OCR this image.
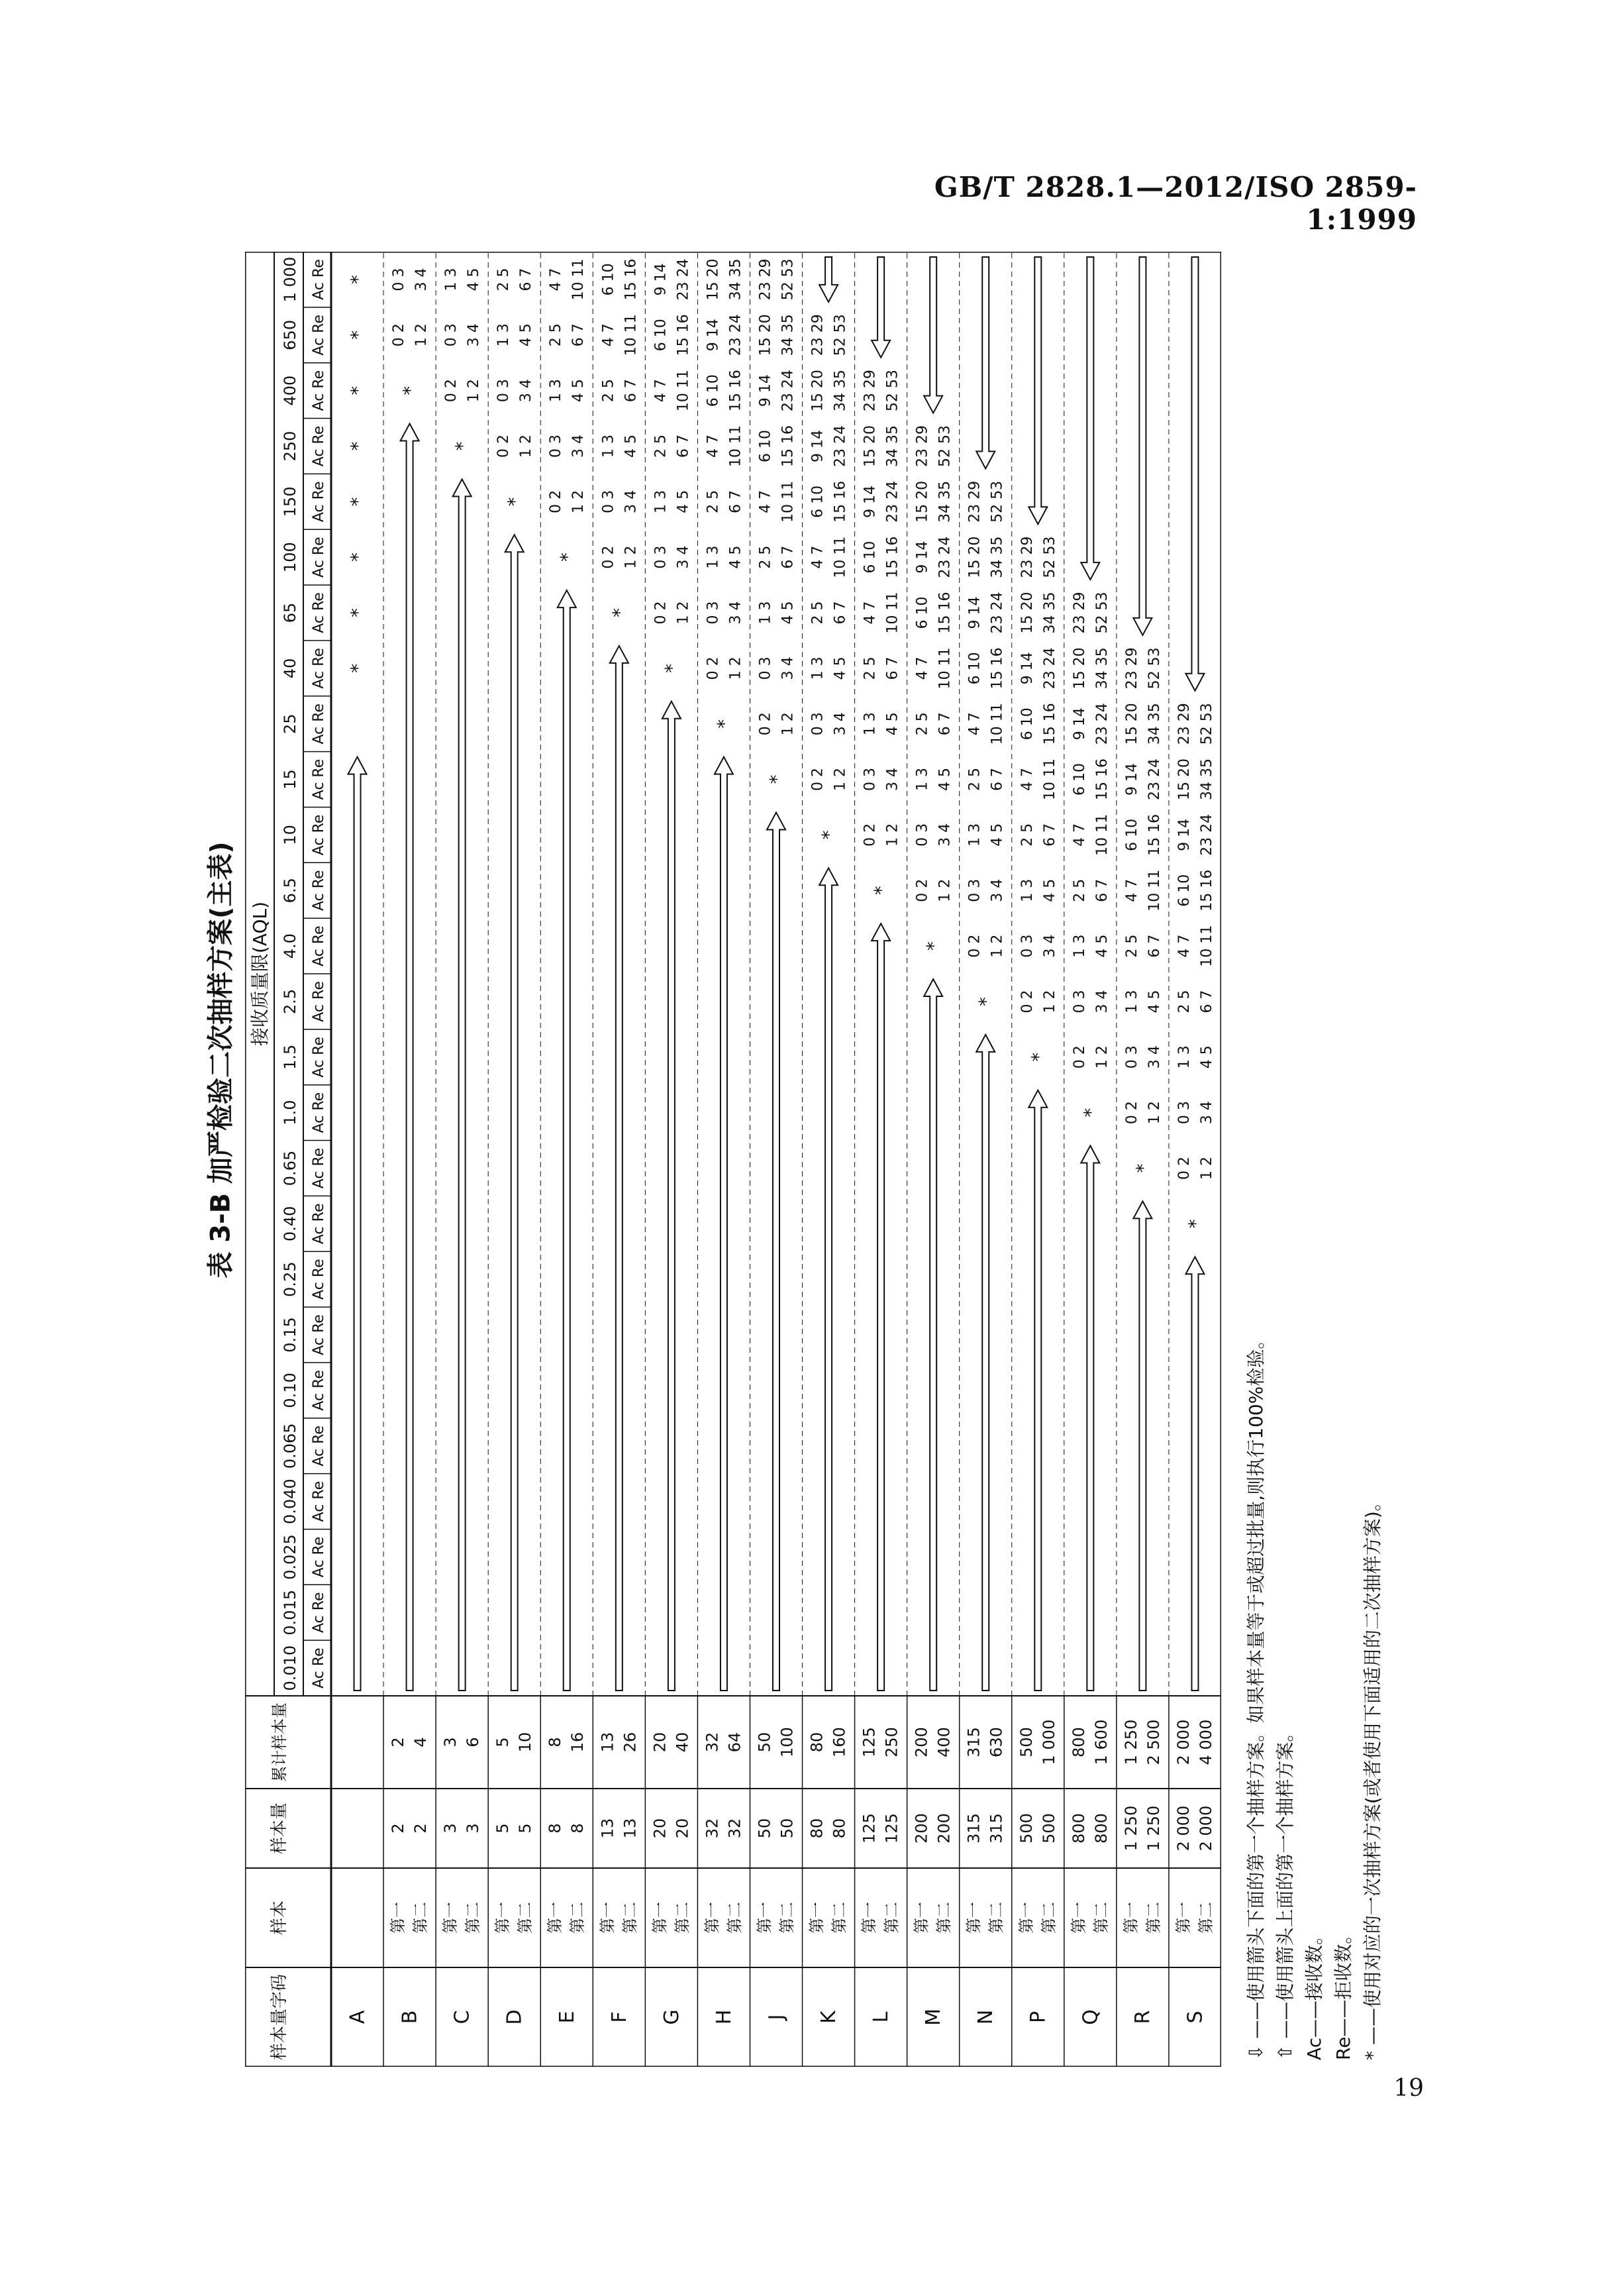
GB/T 2828.1—2012/ISO 2859-1:1999
表 3-B 加严检验二次抽样方案(主表)
样本量字码
样本
样本量
累计样本量
接收质量限(AQL)
0.010 Ac Re
0.015 Ac Re
0.025 Ac Re
0.040 Ac Re
0.065 Ac Re
0.10 Ac Re
0.15 Ac Re
0.25 Ac Re
0.40 Ac Re
0.65 Ac Re
1.0 Ac Re
1.5 Ac Re
2.5 Ac Re
4.0 Ac Re
6.5 Ac Re
10 Ac Re
15 Ac Re
25 Ac Re
40 Ac Re
65 Ac Re
100 Ac Re
150 Ac Re
250 Ac Re
400 Ac Re
650 Ac Re
1 000 Ac Re
A B
第一 第二
2 2
2 4
C
第一 第二
3 3
3 6
D
第一 第二
5 5
5 10
E
第一 第二
8 8
8 16
F
第一 第二
13 13
13 26
G
第一 第二
20 20
20 40
H
第一 第二
32 32
32 64
J
第一 第二
50 50
50 100
K
第一 第二
80 80
80 160
L
第一 第二
125 125
125 250
M
第一 第二
200 200
200 400
N
第一 第二
315 315
315 630
P
第一 第二
500 500
500 1 000
Q
第一 第二
800 800
800 1 600
R
第一 第二
1 250 1 250
1 250 2 500
S
第一 第二
2 000 2 000
2 000 4 000
*
*
*
*
*
*
*
*
*
0 2 1 2
0 3 3 4
*
0 2 1 2
0 3 3 4
1 3 4 5
*
0 2 1 2
0 3 3 4
1 3 4 5
2 5 6 7
*
0 2 1 2
0 3 3 4
1 3 4 5
2 5 6 7
4 7 10 11
*
0 2 1 2
0 3 3 4
1 3 4 5
2 5 6 7
4 7 10 11
6 10 15 16
*
0 2 1 2
0 3 3 4
1 3 4 5
2 5 6 7
4 7 10 11
6 10 15 16
9 14 23 24
*
0 2 1 2
0 3 3 4
1 3 4 5
2 5 6 7
4 7 10 11
6 10 15 16
9 14 23 24
15 20 34 35
*
0 2 1 2
0 3 3 4
1 3 4 5
2 5 6 7
4 7 10 11
6 10 15 16
9 14 23 24
15 20 34 35
23 29 52 53
*
0 2 1 2
0 3 3 4
1 3 4 5
2 5 6 7
4 7 10 11
6 10 15 16
9 14 23 24
15 20 34 35
23 29 52 53
*
0 2 1 2
0 3 3 4
1 3 4 5
2 5 6 7
4 7 10 11
6 10 15 16
9 14 23 24
15 20 34 35
23 29 52 53
*
0 2 1 2
0 3 3 4
1 3 4 5
2 5 6 7
4 7 10 11
6 10 15 16
9 14 23 24
15 20 34 35
23 29 52 53
*
0 2 1 2
0 3 3 4
1 3 4 5
2 5 6 7
4 7 10 11
6 10 15 16
9 14 23 24
15 20 34 35
23 29 52 53
*
0 2 1 2
0 3 3 4
1 3 4 5
2 5 6 7
4 7 10 11
6 10 15 16
9 14 23 24
15 20 34 35
23 29 52 53
*
0 2 1 2
0 3 3 4
1 3 4 5
2 5 6 7
4 7 10 11
6 10 15 16
9 14 23 24
15 20 34 35
23 29 52 53
*
0 2 1 2
0 3 3 4
1 3 4 5
2 5 6 7
4 7 10 11
6 10 15 16
9 14 23 24
15 20 34 35
23 29 52 53
*
0 2 1 2
0 3 3 4
1 3 4 5
2 5 6 7
4 7 10 11
6 10 15 16
9 14 23 24
15 20 34 35
23 29 52 53
⇩ ——使用箭头下面的第一个抽样方案。如果样本量等于或超过批量,则执行100%检验。 ⇧ ——使用箭头上面的第一个抽样方案。 Ac——接收数。 Re——拒收数。 * ——使用对应的一次抽样方案(或者使用下面适用的二次抽样方案)。
19
